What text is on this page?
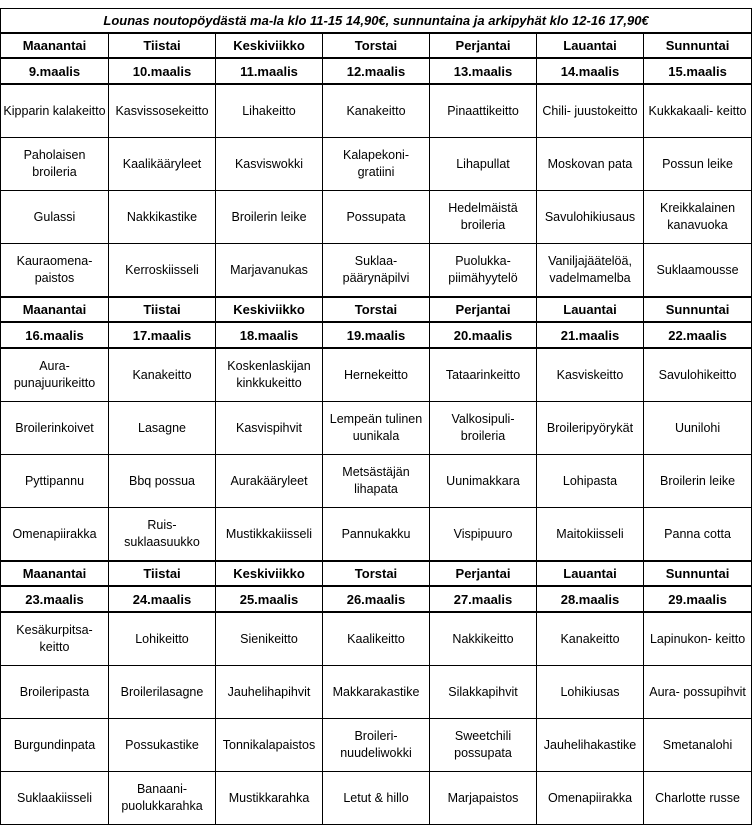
Lounas noutopöydästä ma-la klo 11-15 14,90€, sunnuntaina ja arkipyhät klo 12-16 17,90€						
Maanantai	Tiistai	Keskiviikko	Torstai	Perjantai	Lauantai	Sunnuntai
9.maalis	10.maalis	11.maalis	12.maalis	13.maalis	14.maalis	15.maalis
Kipparin kalakeitto	Kasvissosekeitto	Lihakeitto	Kanakeitto	Pinaattikeitto	Chili- juustokeitto	Kukkakaali- keitto
Paholaisen broileria	Kaalikääryleet	Kasviswokki	Kalapekoni- gratiini	Lihapullat	Moskovan pata	Possun leike
Gulassi	Nakkikastike	Broilerin leike	Possupata	Hedelmäistä broileria	Savulohikiusaus	Kreikkalainen kanavuoka
Kauraomena- paistos	Kerroskiisseli	Marjavanukas	Suklaa- päärynäpilvi	Puolukka- piimähyytelö	Vaniljajäätelöä, vadelmamelba	Suklaamousse
Maanantai	Tiistai	Keskiviikko	Torstai	Perjantai	Lauantai	Sunnuntai
16.maalis	17.maalis	18.maalis	19.maalis	20.maalis	21.maalis	22.maalis
Aura- punajuurikeitto	Kanakeitto	Koskenlaskijan kinkkukeitto	Hernekeitto	Tataarinkeitto	Kasviskeitto	Savulohikeitto
Broilerinkoivet	Lasagne	Kasvispihvit	Lempeän tulinen uunikala	Valkosipuli- broileria	Broileripyörykät	Uunilohi
Pyttipannu	Bbq possua	Aurakääryleet	Metsästäjän lihapata	Uunimakkara	Lohipasta	Broilerin leike
Omenapiirakka	Ruis- suklaasuukko	Mustikkakiisseli	Pannukakku	Vispipuuro	Maitokiisseli	Panna cotta
Maanantai	Tiistai	Keskiviikko	Torstai	Perjantai	Lauantai	Sunnuntai
23.maalis	24.maalis	25.maalis	26.maalis	27.maalis	28.maalis	29.maalis
Kesäkurpitsa- keitto	Lohikeitto	Sienikeitto	Kaalikeitto	Nakkikeitto	Kanakeitto	Lapinukon- keitto
Broileripasta	Broilerilasagne	Jauhelihapihvit	Makkarakastike	Silakkapihvit	Lohikiusas	Aura- possupihvit
Burgundinpata	Possukastike	Tonnikalapaistos	Broileri- nuudeliwokki	Sweetchili possupata	Jauhelihakastike	Smetanalohi
Suklaakiisseli	Banaani- puolukkarahka	Mustikkarahka	Letut & hillo	Marjapaistos	Omenapiirakka	Charlotte russe
